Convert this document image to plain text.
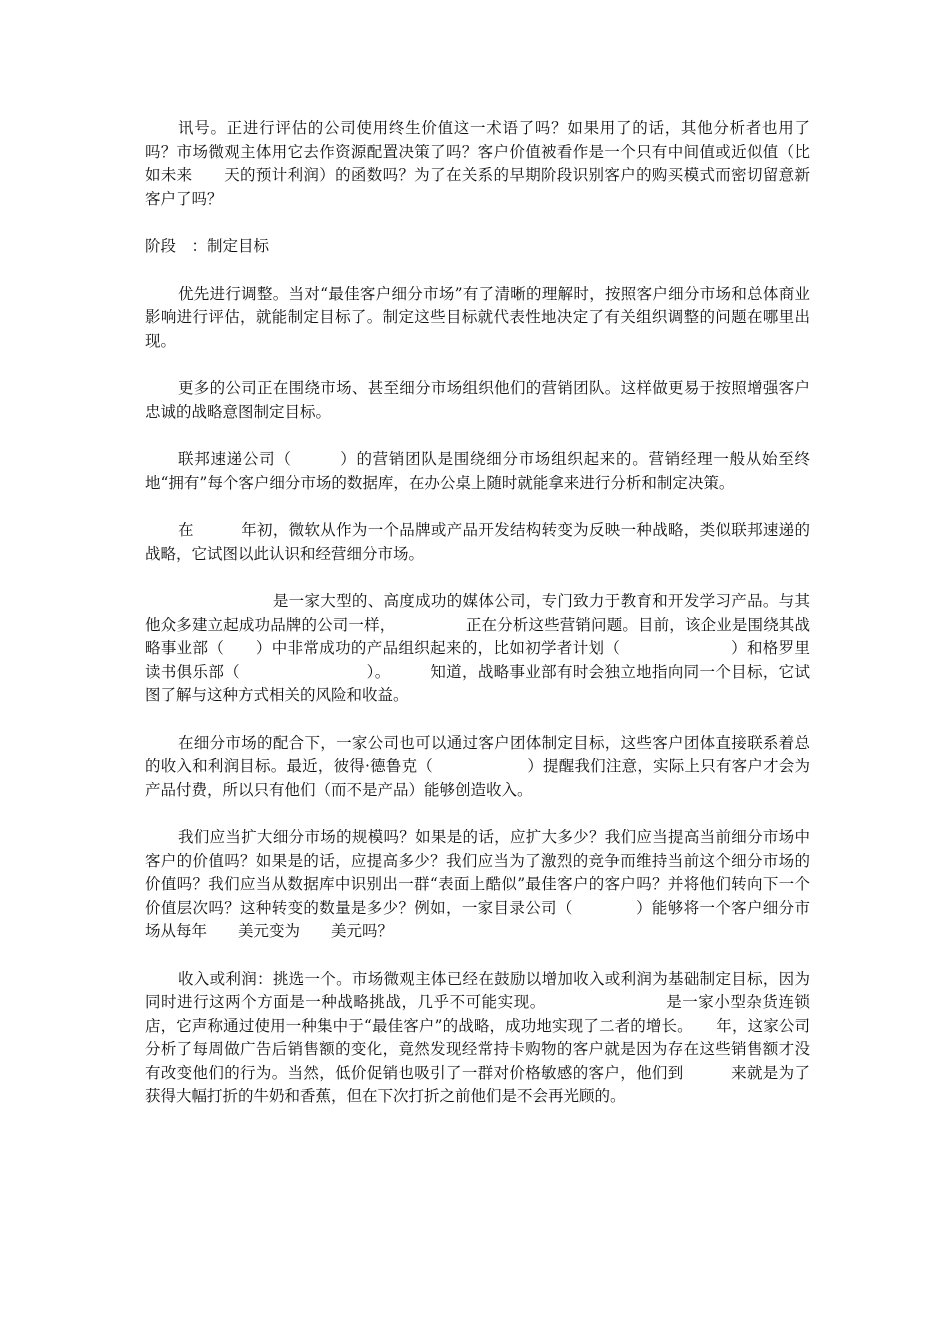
讯号。正进行评估的公司使用终生价值这一术语了吗？如果用了的话，其他分析者也用了吗？市场微观主体用它去作资源配置决策了吗？客户价值被看作是一个只有中间值或近似值（比如未来　　天的预计利润）的函数吗？为了在关系的早期阶段识别客户的购买模式而密切留意新客户了吗？

阶段　：制定目标

优先进行调整。当对“最佳客户细分市场”有了清晰的理解时，按照客户细分市场和总体商业影响进行评估，就能制定目标了。制定这些目标就代表性地决定了有关组织调整的问题在哪里出现。

更多的公司正在围绕市场、甚至细分市场组织他们的营销团队。这样做更易于按照增强客户忠诚的战略意图制定目标。

联邦速递公司（　　　）的营销团队是围绕细分市场组织起来的。营销经理一般从始至终地“拥有”每个客户细分市场的数据库，在办公桌上随时就能拿来进行分析和制定决策。

在　　　年初，微软从作为一个品牌或产品开发结构转变为反映一种战略，类似联邦速递的战略，它试图以此认识和经营细分市场。

　　　　　　是一家大型的、高度成功的媒体公司，专门致力于教育和开发学习产品。与其他众多建立起成功品牌的公司一样，　　　　　正在分析这些营销问题。目前，该企业是围绕其战略事业部（　　）中非常成功的产品组织起来的，比如初学者计划（　　　　　　　）和格罗里读书俱乐部（　　　　　　　　）。　　　知道，战略事业部有时会独立地指向同一个目标，它试图了解与这种方式相关的风险和收益。

在细分市场的配合下，一家公司也可以通过客户团体制定目标，这些客户团体直接联系着总的收入和利润目标。最近，彼得·德鲁克（　　　　　　）提醒我们注意，实际上只有客户才会为产品付费，所以只有他们（而不是产品）能够创造收入。

我们应当扩大细分市场的规模吗？如果是的话，应扩大多少？我们应当提高当前细分市场中客户的价值吗？如果是的话，应提高多少？我们应当为了激烈的竞争而维持当前这个细分市场的价值吗？我们应当从数据库中识别出一群“表面上酷似”最佳客户的客户吗？并将他们转向下一个价值层次吗？这种转变的数量是多少？例如，一家目录公司（　　　　）能够将一个客户细分市场从每年　　美元变为　　美元吗？

收入或利润：挑选一个。市场微观主体已经在鼓励以增加收入或利润为基础制定目标，因为同时进行这两个方面是一种战略挑战，几乎不可能实现。　　　　　　　　是一家小型杂货连锁店，它声称通过使用一种集中于“最佳客户”的战略，成功地实现了二者的增长。　　年，这家公司分析了每周做广告后销售额的变化，竟然发现经常持卡购物的客户就是因为存在这些销售额才没有改变他们的行为。当然，低价促销也吸引了一群对价格敏感的客户，他们到　　　来就是为了获得大幅打折的牛奶和香蕉，但在下次打折之前他们是不会再光顾的。
